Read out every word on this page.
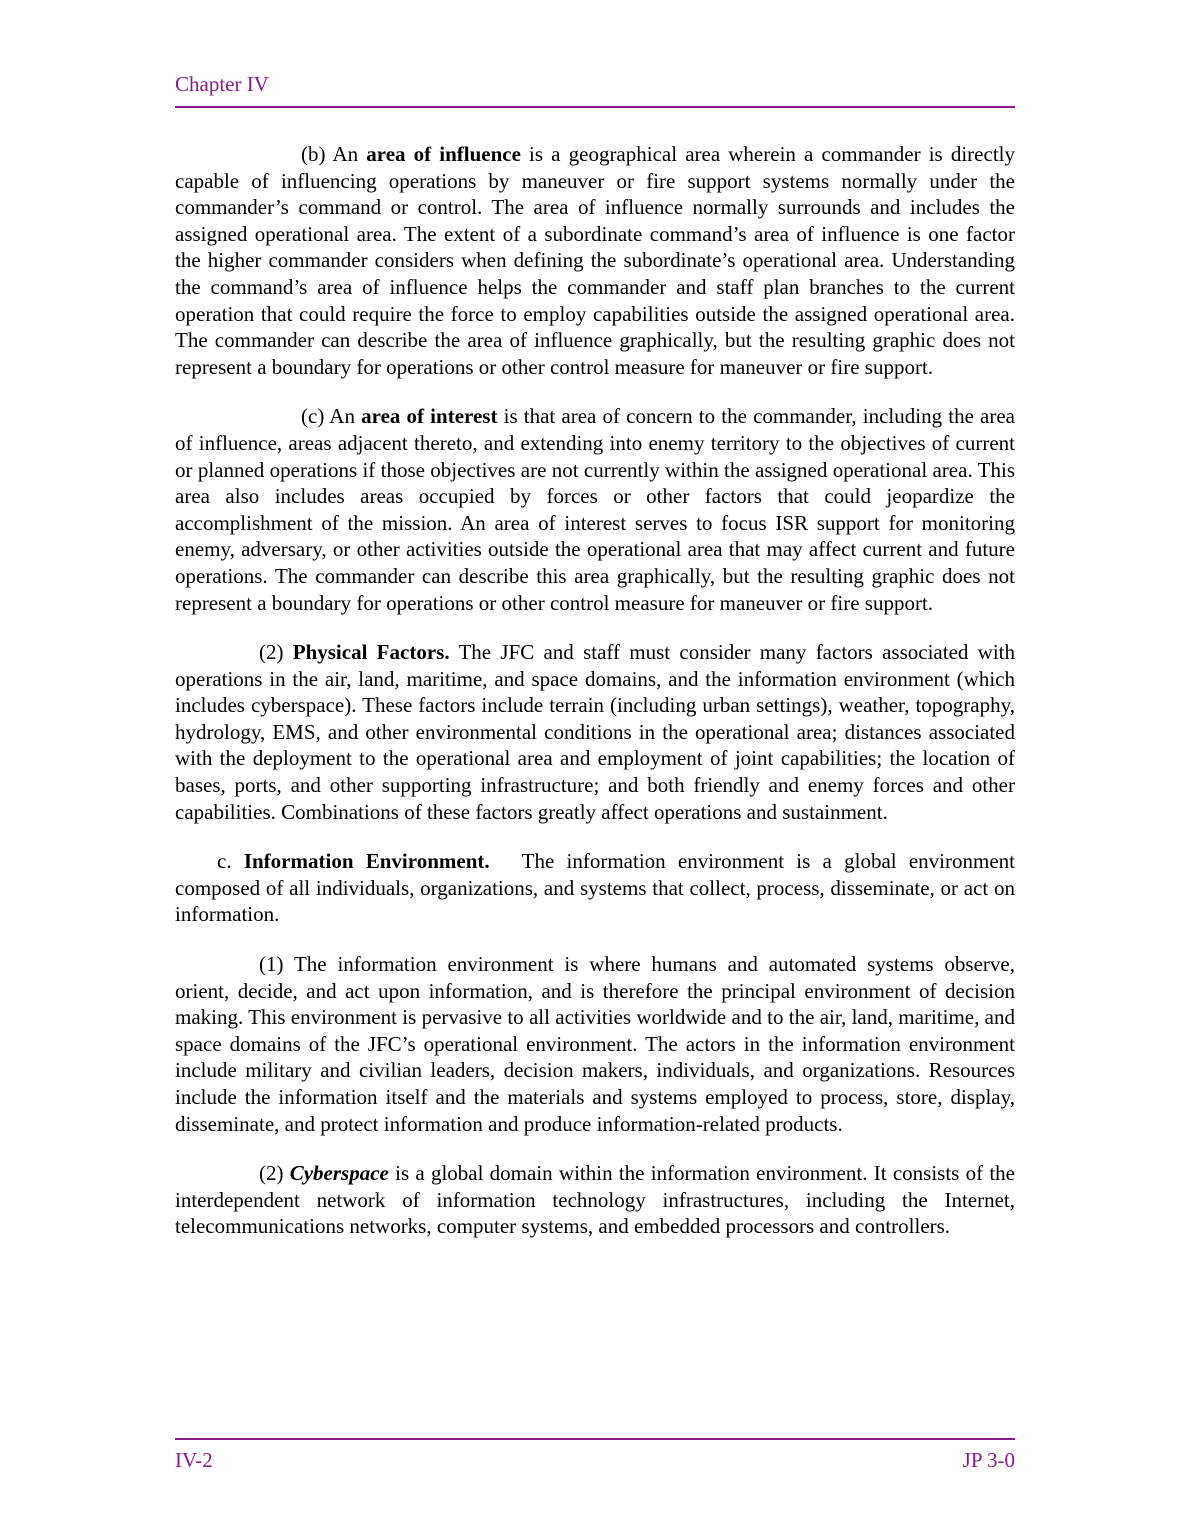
Chapter IV

(b) An area of influence is a geographical area wherein a commander is directly capable of influencing operations by maneuver or fire support systems normally under the commander’s command or control. The area of influence normally surrounds and includes the assigned operational area. The extent of a subordinate command’s area of influence is one factor the higher commander considers when defining the subordinate’s operational area. Understanding the command’s area of influence helps the commander and staff plan branches to the current operation that could require the force to employ capabilities outside the assigned operational area. The commander can describe the area of influence graphically, but the resulting graphic does not represent a boundary for operations or other control measure for maneuver or fire support.

(c) An area of interest is that area of concern to the commander, including the area of influence, areas adjacent thereto, and extending into enemy territory to the objectives of current or planned operations if those objectives are not currently within the assigned operational area. This area also includes areas occupied by forces or other factors that could jeopardize the accomplishment of the mission. An area of interest serves to focus ISR support for monitoring enemy, adversary, or other activities outside the operational area that may affect current and future operations. The commander can describe this area graphically, but the resulting graphic does not represent a boundary for operations or other control measure for maneuver or fire support.

(2) Physical Factors. The JFC and staff must consider many factors associated with operations in the air, land, maritime, and space domains, and the information environment (which includes cyberspace). These factors include terrain (including urban settings), weather, topography, hydrology, EMS, and other environmental conditions in the operational area; distances associated with the deployment to the operational area and employment of joint capabilities; the location of bases, ports, and other supporting infrastructure; and both friendly and enemy forces and other capabilities. Combinations of these factors greatly affect operations and sustainment.

c. Information Environment. The information environment is a global environment composed of all individuals, organizations, and systems that collect, process, disseminate, or act on information.

(1) The information environment is where humans and automated systems observe, orient, decide, and act upon information, and is therefore the principal environment of decision making. This environment is pervasive to all activities worldwide and to the air, land, maritime, and space domains of the JFC’s operational environment. The actors in the information environment include military and civilian leaders, decision makers, individuals, and organizations. Resources include the information itself and the materials and systems employed to process, store, display, disseminate, and protect information and produce information-related products.

(2) Cyberspace is a global domain within the information environment. It consists of the interdependent network of information technology infrastructures, including the Internet, telecommunications networks, computer systems, and embedded processors and controllers.

IV-2	JP 3-0
